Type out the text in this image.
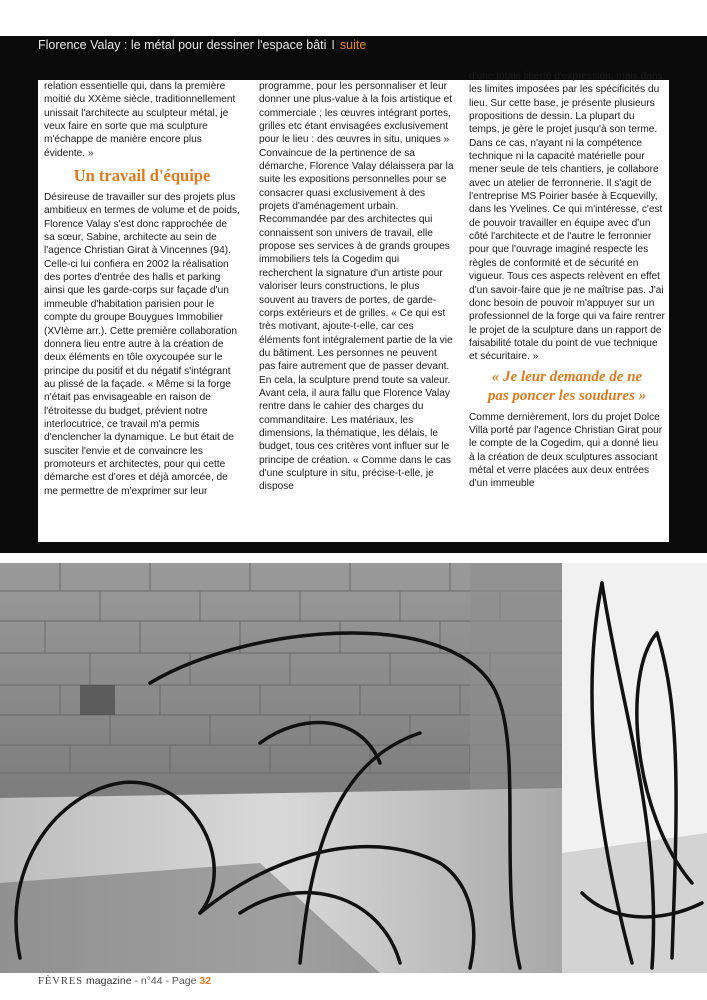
Florence Valay : le métal pour dessiner l'espace bâti I suite

relation essentielle qui, dans la première moitié du XXème siècle, traditionnellement unissait l'architecte au sculpteur métal, je veux faire en sorte que ma sculpture m'échappe de manière encore plus évidente. »

Un travail d'équipe

Désireuse de travailler sur des projets plus ambitieux en termes de volume et de poids, Florence Valay s'est donc rapprochée de sa sœur, Sabine, architecte au sein de l'agence Christian Girat à Vincennes (94). Celle-ci lui confiera en 2002 la réalisation des portes d'entrée des halls et parking ainsi que les garde-corps sur façade d'un immeuble d'habitation parisien pour le compte du groupe Bouygues Immobilier (XVIème arr.). Cette première collaboration donnera lieu entre autre à la création de deux éléments en tôle oxycoupée sur le principe du positif et du négatif s'intégrant au plissé de la façade. « Même si la forge n'était pas envisageable en raison de l'étroitesse du budget, prévient notre interlocutrice, ce travail m'a permis d'enclencher la dynamique. Le but était de susciter l'envie et de convaincre les promoteurs et architectes, pour qui cette démarche est d'ores et déjà amorcée, de me permettre de m'exprimer sur leur

programme, pour les personnaliser et leur donner une plus-value à la fois artistique et commerciale ; les œuvres intégrant portes, grilles etc étant envisagées exclusivement pour le lieu : des œuvres in situ, uniques » Convaincue de la pertinence de sa démarche, Florence Valay délaissera par la suite les expositions personnelles pour se consacrer quasi exclusivement à des projets d'aménagement urbain. Recommandée par des architectes qui connaissent son univers de travail, elle propose ses services à de grands groupes immobiliers tels la Cogedim qui recherchent la signature d'un artiste pour valoriser leurs constructions, le plus souvent au travers de portes, de garde-corps extérieurs et de grilles. « Ce qui est très motivant, ajoute-t-elle, car ces éléments font intégralement partie de la vie du bâtiment. Les personnes ne peuvent pas faire autrement que de passer devant. En cela, la sculpture prend toute sa valeur. Avant cela, il aura fallu que Florence Valay rentre dans le cahier des charges du commanditaire. Les matériaux, les dimensions, la thématique, les délais, le budget, tous ces critères vont influer sur le principe de création. « Comme dans le cas d'une sculpture in situ, précise-t-elle, je dispose

d'une totale liberté d'expression, mais dans les limites imposées par les spécificités du lieu. Sur cette base, je présente plusieurs propositions de dessin. La plupart du temps, je gère le projet jusqu'à son terme. Dans ce cas, n'ayant ni la compétence technique ni la capacité matérielle pour mener seule de tels chantiers, je collabore avec un atelier de ferronnerie. Il s'agit de l'entreprise MS Poirier basée à Ecquevilly, dans les Yvelines. Ce qui m'intéresse, c'est de pouvoir travailler en équipe avec d'un côté l'architecte et de l'autre le ferronnier pour que l'ouvrage imaginé respecte les règles de conformité et de sécurité en vigueur. Tous ces aspects relèvent en effet d'un savoir-faire que je ne maîtrise pas. J'ai donc besoin de pouvoir m'appuyer sur un professionnel de la forge qui va faire rentrer le projet de la sculpture dans un rapport de faisabilité totale du point de vue technique et sécuritaire. »

« Je leur demande de ne
pas poncer les soudures »

Comme dernièrement, lors du projet Dolce Villa porté par l'agence Christian Girat pour le compte de la Cogedim, qui a donné lieu à la création de deux sculptures associant métal et verre placées aux deux entrées d'un immeuble

FÈVRES magazine - n°44 - Page 32
